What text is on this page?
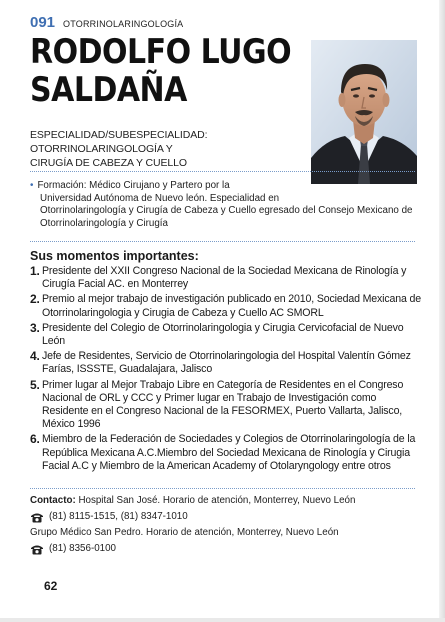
091 OTORRINOLARINGOLOGÍA
RODOLFO LUGO
SALDAÑA
ESPECIALIDAD/SUBESPECIALIDAD: OTORRINOLARINGOLOGÍA Y
CIRUGÍA DE CABEZA Y CUELLO
• Formación: Médico Cirujano y Partero por la
Universidad Autónoma de Nuevo león. Especialidad en
Otorrinolaringología y Cirugía de Cabeza y Cuello egresado del Consejo Mexicano de
Otorrinolaringología y Cirugía
Sus momentos importantes:
1. Presidente del XXII Congreso Nacional de la Sociedad Mexicana de Rinología y Cirugía Facial AC. en Monterrey
2. Premio al mejor trabajo de investigación publicado en 2010, Sociedad Mexicana de Otorrinolaringologia y Cirugia de Cabeza y Cuello AC SMORL
3. Presidente del Colegio de Otorrinolaringologia y Cirugia Cervicofacial de Nuevo León
4. Jefe de Residentes, Servicio de Otorrinolaringologia del Hospital Valentín Gómez Farías, ISSSTE, Guadalajara, Jalisco
5. Primer lugar al Mejor Trabajo Libre en Categoría de Residentes en el Congreso Nacional de ORL y CCC y Primer lugar en Trabajo de Investigación como Residente en el Congreso Nacional de la FESORMEX, Puerto Vallarta, Jalisco, México 1996
6. Miembro de la Federación de Sociedades y Colegios de Otorrinolaringología de la República Mexicana A.C.Miembro del Sociedad Mexicana de Rinología y Cirugia Facial A.C y Miembro de la American Academy of Otolaryngology entre otros
Contacto: Hospital San José. Horario de atención, Monterrey, Nuevo León
(81) 8115-1515, (81) 8347-1010
Grupo Médico San Pedro. Horario de atención, Monterrey, Nuevo León
(81) 8356-0100
62
